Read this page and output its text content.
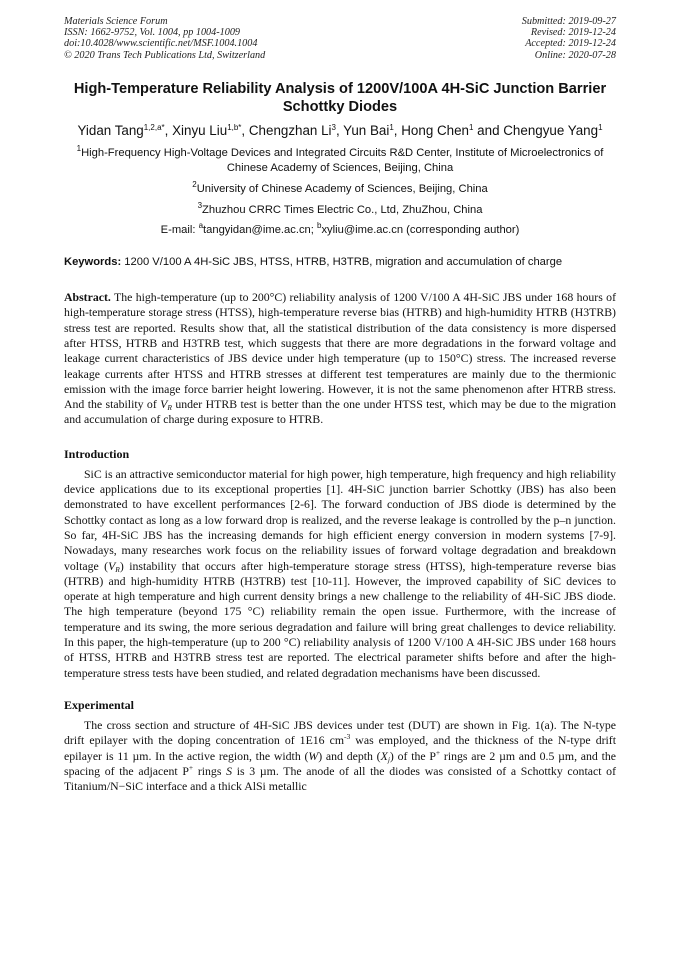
Materials Science Forum
ISSN: 1662-9752, Vol. 1004, pp 1004-1009
doi:10.4028/www.scientific.net/MSF.1004.1004
© 2020 Trans Tech Publications Ltd, Switzerland
Submitted: 2019-09-27
Revised: 2019-12-24
Accepted: 2019-12-24
Online: 2020-07-28
High-Temperature Reliability Analysis of 1200V/100A 4H-SiC Junction Barrier Schottky Diodes
Yidan Tang$^{1,2,a*}$, Xinyu Liu$^{1,b*}$, Chengzhan Li$^3$, Yun Bai$^1$, Hong Chen$^1$ and Chengyue Yang$^1$
$^1$High-Frequency High-Voltage Devices and Integrated Circuits R&D Center, Institute of Microelectronics of Chinese Academy of Sciences, Beijing, China
$^2$University of Chinese Academy of Sciences, Beijing, China
$^3$Zhuzhou CRRC Times Electric Co., Ltd, ZhuZhou, China
E-mail: $^a$tangyidan@ime.ac.cn; $^b$xyliu@ime.ac.cn (corresponding author)
Keywords: 1200 V/100 A 4H-SiC JBS, HTSS, HTRB, H3TRB, migration and accumulation of charge
Abstract. The high-temperature (up to 200°C) reliability analysis of 1200 V/100 A 4H-SiC JBS under 168 hours of high-temperature storage stress (HTSS), high-temperature reverse bias (HTRB) and high-humidity HTRB (H3TRB) stress test are reported. Results show that, all the statistical distribution of the data consistency is more dispersed after HTSS, HTRB and H3TRB test, which suggests that there are more degradations in the forward voltage and leakage current characteristics of JBS device under high temperature (up to 150°C) stress. The increased reverse leakage currents after HTSS and HTRB stresses at different test temperatures are mainly due to the thermionic emission with the image force barrier height lowering. However, it is not the same phenomenon after HTRB stress. And the stability of $V_R$ under HTRB test is better than the one under HTSS test, which may be due to the migration and accumulation of charge during exposure to HTRB.
Introduction
SiC is an attractive semiconductor material for high power, high temperature, high frequency and high reliability device applications due to its exceptional properties [1]. 4H-SiC junction barrier Schottky (JBS) has also been demonstrated to have excellent performances [2-6]. The forward conduction of JBS diode is determined by the Schottky contact as long as a low forward drop is realized, and the reverse leakage is controlled by the p–n junction. So far, 4H-SiC JBS has the increasing demands for high efficient energy conversion in modern systems [7-9]. Nowadays, many researches work focus on the reliability issues of forward voltage degradation and breakdown voltage $(V_R)$ instability that occurs after high-temperature storage stress (HTSS), high-temperature reverse bias (HTRB) and high-humidity HTRB (H3TRB) test [10-11]. However, the improved capability of SiC devices to operate at high temperature and high current density brings a new challenge to the reliability of 4H-SiC JBS diode. The high temperature (beyond 175 °C) reliability remain the open issue. Furthermore, with the increase of temperature and its swing, the more serious degradation and failure will bring great challenges to device reliability. In this paper, the high-temperature (up to 200 °C) reliability analysis of 1200 V/100 A 4H-SiC JBS under 168 hours of HTSS, HTRB and H3TRB stress test are reported. The electrical parameter shifts before and after the high-temperature stress tests have been studied, and related degradation mechanisms have been discussed.
Experimental
The cross section and structure of 4H-SiC JBS devices under test (DUT) are shown in Fig. 1(a). The N-type drift epilayer with the doping concentration of 1E16 $cm^{-3}$ was employed, and the thickness of the N-type drift epilayer is 11 µm. In the active region, the width (W) and depth $(X_j)$ of the P+ rings are 2 µm and 0.5 µm, and the spacing of the adjacent P+ rings S is 3 µm. The anode of all the diodes was consisted of a Schottky contact of Titanium/N−SiC interface and a thick AlSi metallic
